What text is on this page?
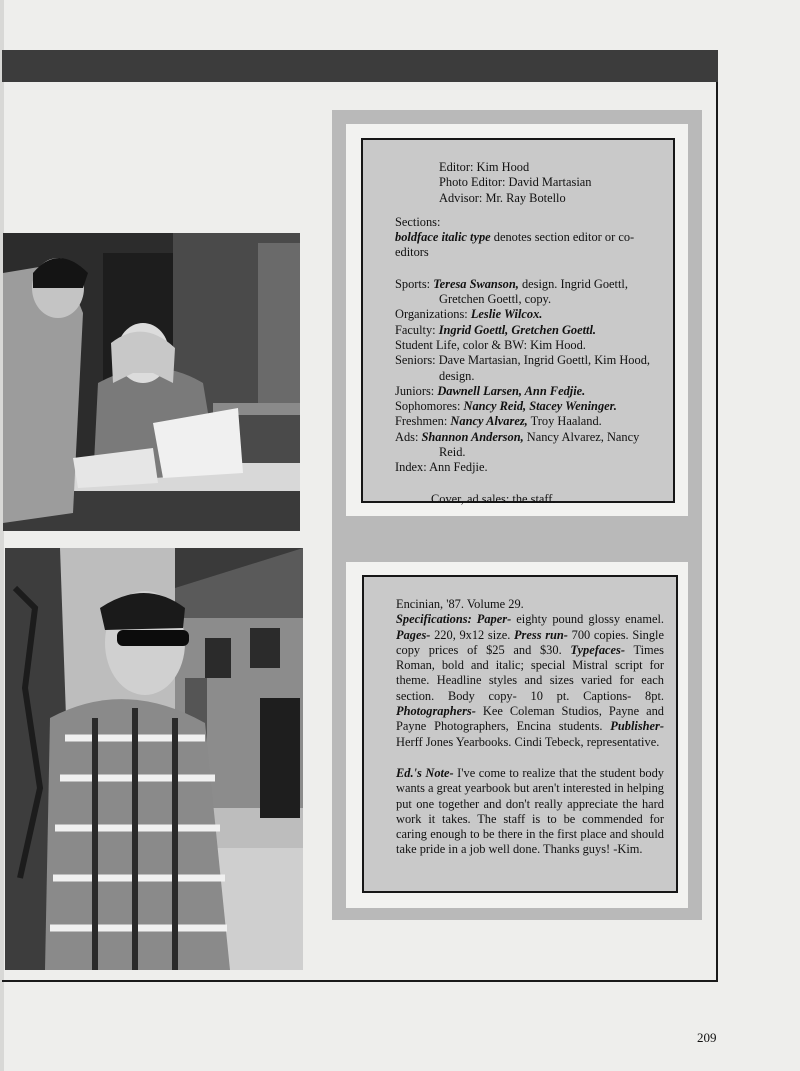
Editor: Kim Hood
Photo Editor: David Martasian
Advisor: Mr. Ray Botello
Sections:
boldface italic type denotes section editor or co-editors
Sports: Teresa Swanson, design. Ingrid Goettl, Gretchen Goettl, copy.
Organizations: Leslie Wilcox.
Faculty: Ingrid Goettl, Gretchen Goettl.
Student Life, color & BW: Kim Hood.
Seniors: Dave Martasian, Ingrid Goettl, Kim Hood, design.
Juniors: Dawnell Larsen, Ann Fedjie.
Sophomores: Nancy Reid, Stacey Weninger.
Freshmen: Nancy Alvarez, Troy Haaland.
Ads: Shannon Anderson, Nancy Alvarez, Nancy Reid.
Index: Ann Fedjie.
Cover, ad sales: the staff.
Encinian, '87. Volume 29.
Specifications: Paper- eighty pound glossy enamel. Pages- 220, 9x12 size. Press run- 700 copies. Single copy prices of $25 and $30. Typefaces- Times Roman, bold and italic; special Mistral script for theme. Headline styles and sizes varied for each section. Body copy- 10 pt. Captions- 8pt. Photographers- Kee Coleman Studios, Payne and Payne Photographers, Encina students. Publisher- Herff Jones Yearbooks. Cindi Tebeck, representative.
Ed.'s Note- I've come to realize that the student body wants a great yearbook but aren't interested in helping put one together and don't really appreciate the hard work it takes. The staff is to be commended for caring enough to be there in the first place and should take pride in a job well done. Thanks guys! -Kim.
209
